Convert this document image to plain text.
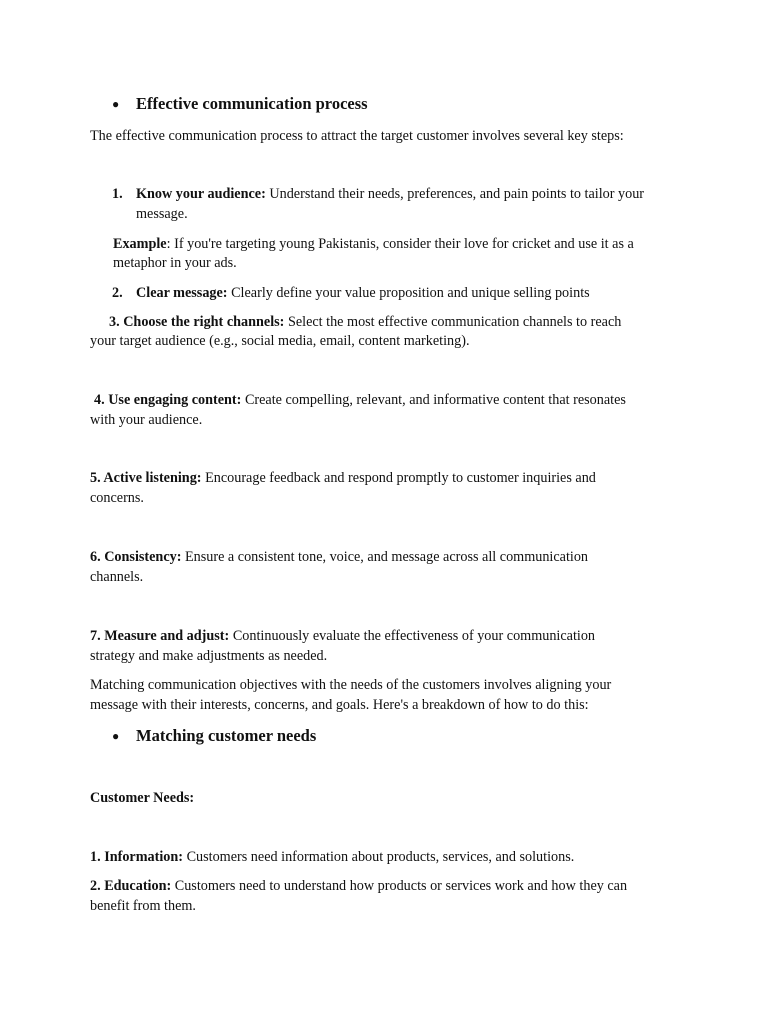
● Effective communication process
The effective communication process to attract the target customer involves several key steps:
1. Know your audience: Understand their needs, preferences, and pain points to tailor your
message.
Example: If you're targeting young Pakistanis, consider their love for cricket and use it as a
metaphor in your ads.
2. Clear message: Clearly define your value proposition and unique selling points
3. Choose the right channels: Select the most effective communication channels to reach
your target audience (e.g., social media, email, content marketing).
4. Use engaging content: Create compelling, relevant, and informative content that resonates
with your audience.
5. Active listening: Encourage feedback and respond promptly to customer inquiries and
concerns.
6. Consistency: Ensure a consistent tone, voice, and message across all communication
channels.
7. Measure and adjust: Continuously evaluate the effectiveness of your communication
strategy and make adjustments as needed.
Matching communication objectives with the needs of the customers involves aligning your
message with their interests, concerns, and goals. Here's a breakdown of how to do this:
● Matching customer needs
Customer Needs:
1. Information: Customers need information about products, services, and solutions.
2. Education: Customers need to understand how products or services work and how they can
benefit from them.
